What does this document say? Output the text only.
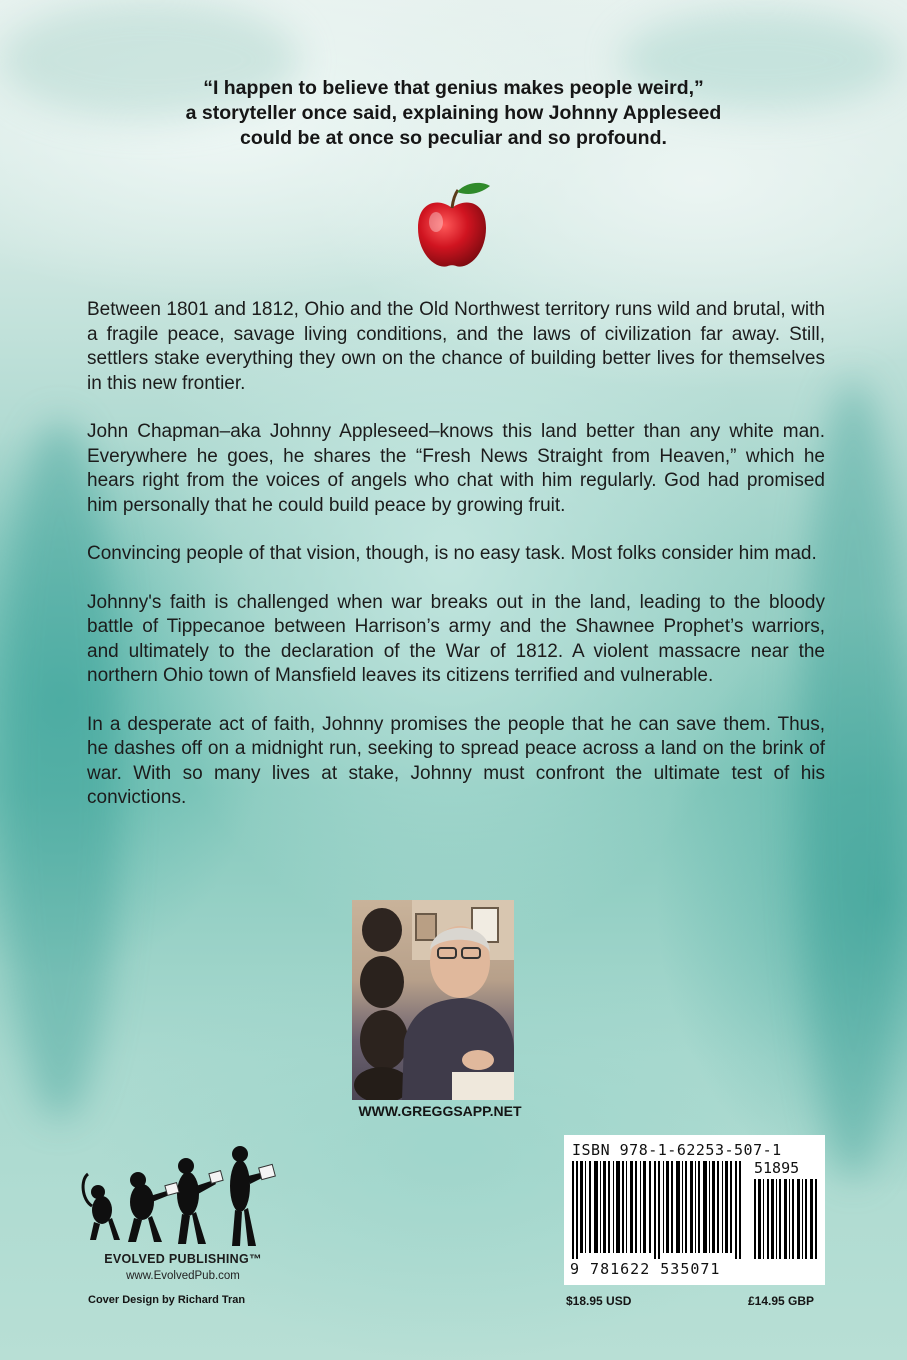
“I happen to believe that genius makes people weird,”
a storyteller once said, explaining how Johnny Appleseed
could be at once so peculiar and so profound.

Between 1801 and 1812, Ohio and the Old Northwest territory runs wild and brutal, with a fragile peace, savage living conditions, and the laws of civilization far away. Still, settlers stake everything they own on the chance of building better lives for themselves in this new frontier.

John Chapman–aka Johnny Appleseed–knows this land better than any white man. Everywhere he goes, he shares the “Fresh News Straight from Heaven,” which he hears right from the voices of angels who chat with him regularly. God had promised him personally that he could build peace by growing fruit.

Convincing people of that vision, though, is no easy task. Most folks consider him mad.

Johnny's faith is challenged when war breaks out in the land, leading to the bloody battle of Tippecanoe between Harrison’s army and the Shawnee Prophet’s warriors, and ultimately to the declaration of the War of 1812. A violent massacre near the northern Ohio town of Mansfield leaves its citizens terrified and vulnerable.

In a desperate act of faith, Johnny promises the people that he can save them. Thus, he dashes off on a midnight run, seeking to spread peace across a land on the brink of war. With so many lives at stake, Johnny must confront the ultimate test of his convictions.

WWW.GREGGSAPP.NET
EVOLVED PUBLISHING™
www.EvolvedPub.com
Cover Design by Richard Tran
ISBN 978-1-62253-507-1
51895
9 781622 535071
$18.95 USD	£14.95 GBP
